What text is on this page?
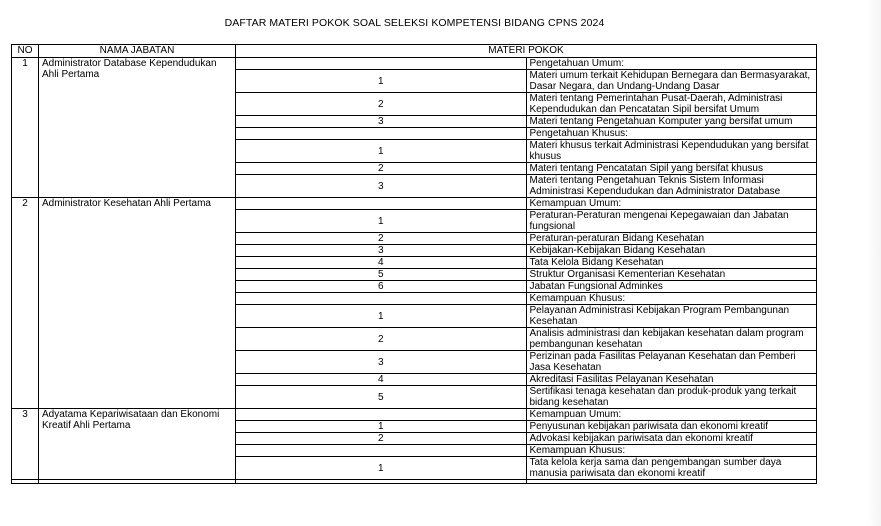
DAFTAR MATERI POKOK SOAL SELEKSI KOMPETENSI BIDANG CPNS 2024
NO	NAMA JABATAN	MATERI POKOK	
1	Administrator Database Kependudukan Ahli Pertama		Pengetahuan Umum:
		1	Materi umum terkait Kehidupan Bernegara dan Bermasyarakat, Dasar Negara, dan Undang-Undang Dasar
		2	Materi tentang Pemerintahan Pusat-Daerah, Administrasi Kependudukan dan Pencatatan Sipil bersifat Umum
		3	Materi tentang Pengetahuan Komputer yang bersifat umum
			Pengetahuan Khusus:
		1	Materi khusus terkait Administrasi Kependudukan yang bersifat khusus
		2	Materi tentang Pencatatan Sipil yang bersifat khusus
		3	Materi tentang Pengetahuan Teknis Sistem Informasi Administrasi Kependudukan dan Administrator Database
2	Administrator Kesehatan Ahli Pertama		Kemampuan Umum:
		1	Peraturan-Peraturan mengenai Kepegawaian dan Jabatan fungsional
		2	Peraturan-peraturan Bidang Kesehatan
		3	Kebijakan-Kebijakan Bidang Kesehatan
		4	Tata Kelola Bidang Kesehatan
		5	Struktur Organisasi Kementerian Kesehatan
		6	Jabatan Fungsional Adminkes
			Kemampuan Khusus:
		1	Pelayanan Administrasi Kebijakan Program Pembangunan Kesehatan
		2	Analisis administrasi dan kebijakan kesehatan dalam program pembangunan kesehatan
		3	Perizinan pada Fasilitas Pelayanan Kesehatan dan Pemberi Jasa Kesehatan
		4	Akreditasi Fasilitas Pelayanan Kesehatan
		5	Sertifikasi tenaga kesehatan dan produk-produk yang terkait bidang kesehatan
3	Adyatama Kepariwisataan dan Ekonomi Kreatif Ahli Pertama		Kemampuan Umum:
		1	Penyusunan kebijakan pariwisata dan ekonomi kreatif
		2	Advokasi kebijakan pariwisata dan ekonomi kreatif
			Kemampuan Khusus:
		1	Tata kelola kerja sama dan pengembangan sumber daya manusia pariwisata dan ekonomi kreatif
